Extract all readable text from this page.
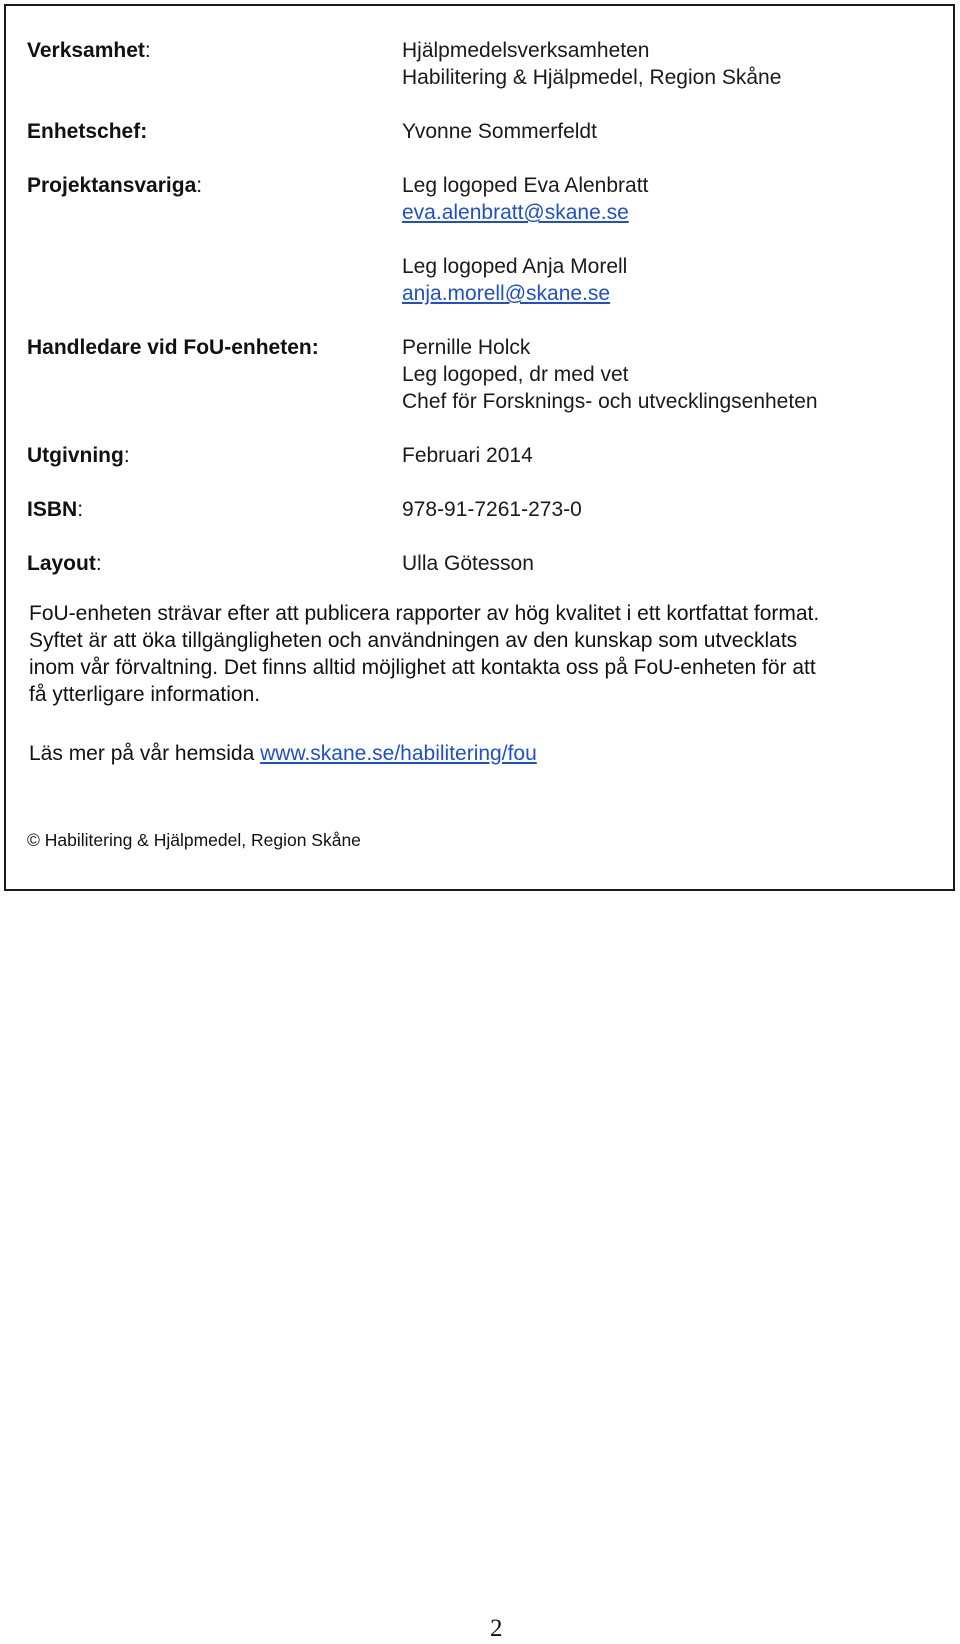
Verksamhet:	Hjälpmedelsverksamheten
Habilitering & Hjälpmedel, Region Skåne
Enhetschef:	Yvonne Sommerfeldt
Projektansvariga:	Leg logoped Eva Alenbratt
eva.alenbratt@skane.se
Leg logoped Anja Morell
anja.morell@skane.se
Handledare vid FoU-enheten:	Pernille Holck
Leg logoped, dr med vet
Chef för Forsknings- och utvecklingsenheten
Utgivning:	Februari 2014
ISBN:	978-91-7261-273-0
Layout:	Ulla Götesson

FoU-enheten strävar efter att publicera rapporter av hög kvalitet i ett kortfattat format.

Syftet är att öka tillgängligheten och användningen av den kunskap som utvecklats

inom vår förvaltning. Det finns alltid möjlighet att kontakta oss på FoU-enheten för att

få ytterligare information.

Läs mer på vår hemsida www.skane.se/habilitering/fou
© Habilitering & Hjälpmedel, Region Skåne
2
